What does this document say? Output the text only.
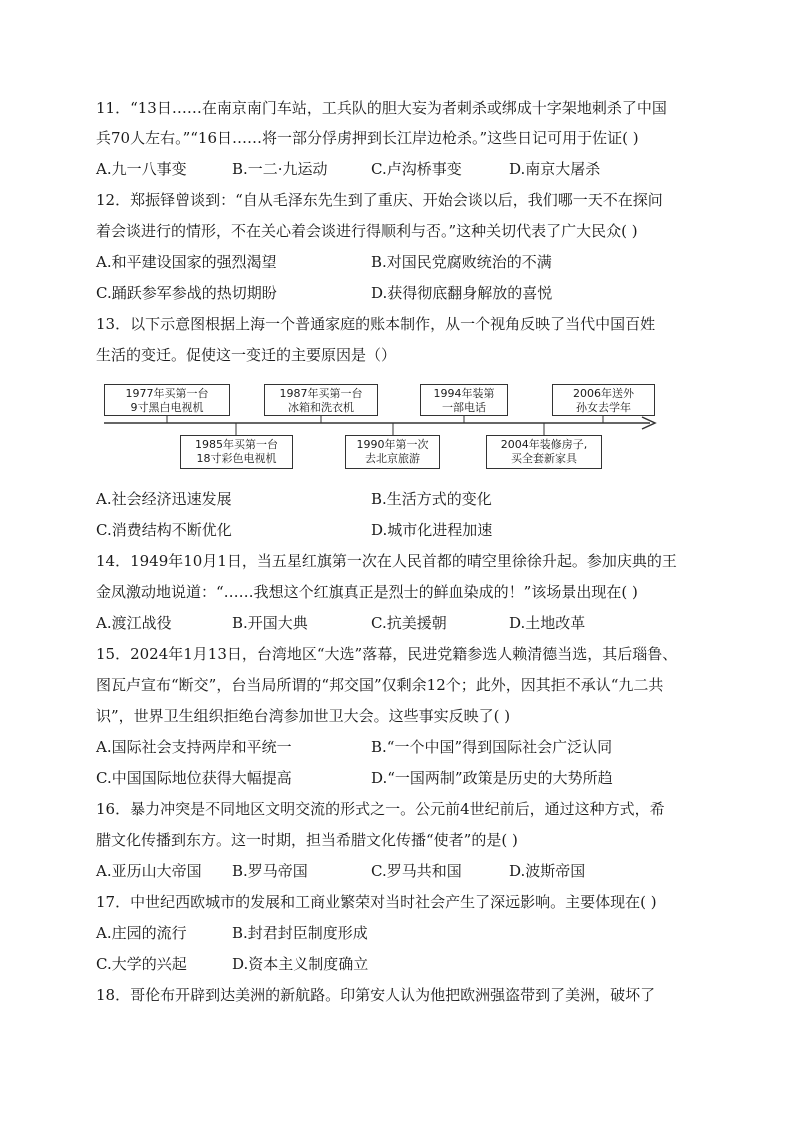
11．“13日……在南京南门车站，工兵队的胆大妄为者刺杀或绑成十字架地刺杀了中国
兵70人左右。”“16日……将一部分俘虏押到长江岸边枪杀。”这些日记可用于佐证( )
A.九一八事变	B.一二·九运动	C.卢沟桥事变	D.南京大屠杀
12．郑振铎曾谈到：“自从毛泽东先生到了重庆、开始会谈以后，我们哪一天不在探问
着会谈进行的情形，不在关心着会谈进行得顺利与否。”这种关切代表了广大民众( )
A.和平建设国家的强烈渴望	B.对国民党腐败统治的不满
C.踊跃参军参战的热切期盼	D.获得彻底翻身解放的喜悦
13．以下示意图根据上海一个普通家庭的账本制作，从一个视角反映了当代中国百姓
生活的变迁。促使这一变迁的主要原因是（）
1977年买第一台
9寸黑白电视机
1987年买第一台
冰箱和洗衣机
1994年装第
一部电话
2006年送外
孙女去学年
1985年买第一台
18寸彩色电视机
1990年第一次
去北京旅游
2004年装修房子,
买全套新家具
A.社会经济迅速发展	B.生活方式的变化
C.消费结构不断优化	D.城市化进程加速
14．1949年10月1日，当五星红旗第一次在人民首都的晴空里徐徐升起。参加庆典的王
金凤激动地说道：“……我想这个红旗真正是烈士的鲜血染成的！”该场景出现在( )
A.渡江战役	B.开国大典	C.抗美援朝	D.土地改革
15．2024年1月13日，台湾地区“大选”落幕，民进党籍参选人赖清德当选，其后瑙鲁、
图瓦卢宣布“断交”，台当局所谓的“邦交国”仅剩余12个；此外，因其拒不承认“九二共
识”，世界卫生组织拒绝台湾参加世卫大会。这些事实反映了( )
A.国际社会支持两岸和平统一	B.“一个中国”得到国际社会广泛认同
C.中国国际地位获得大幅提高	D.“一国两制”政策是历史的大势所趋
16．暴力冲突是不同地区文明交流的形式之一。公元前4世纪前后，通过这种方式，希
腊文化传播到东方。这一时期，担当希腊文化传播“使者”的是( )
A.亚历山大帝国 B.罗马帝国	C.罗马共和国	D.波斯帝国
17．中世纪西欧城市的发展和工商业繁荣对当时社会产生了深远影响。主要体现在( )
A.庄园的流行	B.封君封臣制度形成
C.大学的兴起	D.资本主义制度确立
18．哥伦布开辟到达美洲的新航路。印第安人认为他把欧洲强盗带到了美洲，破坏了
